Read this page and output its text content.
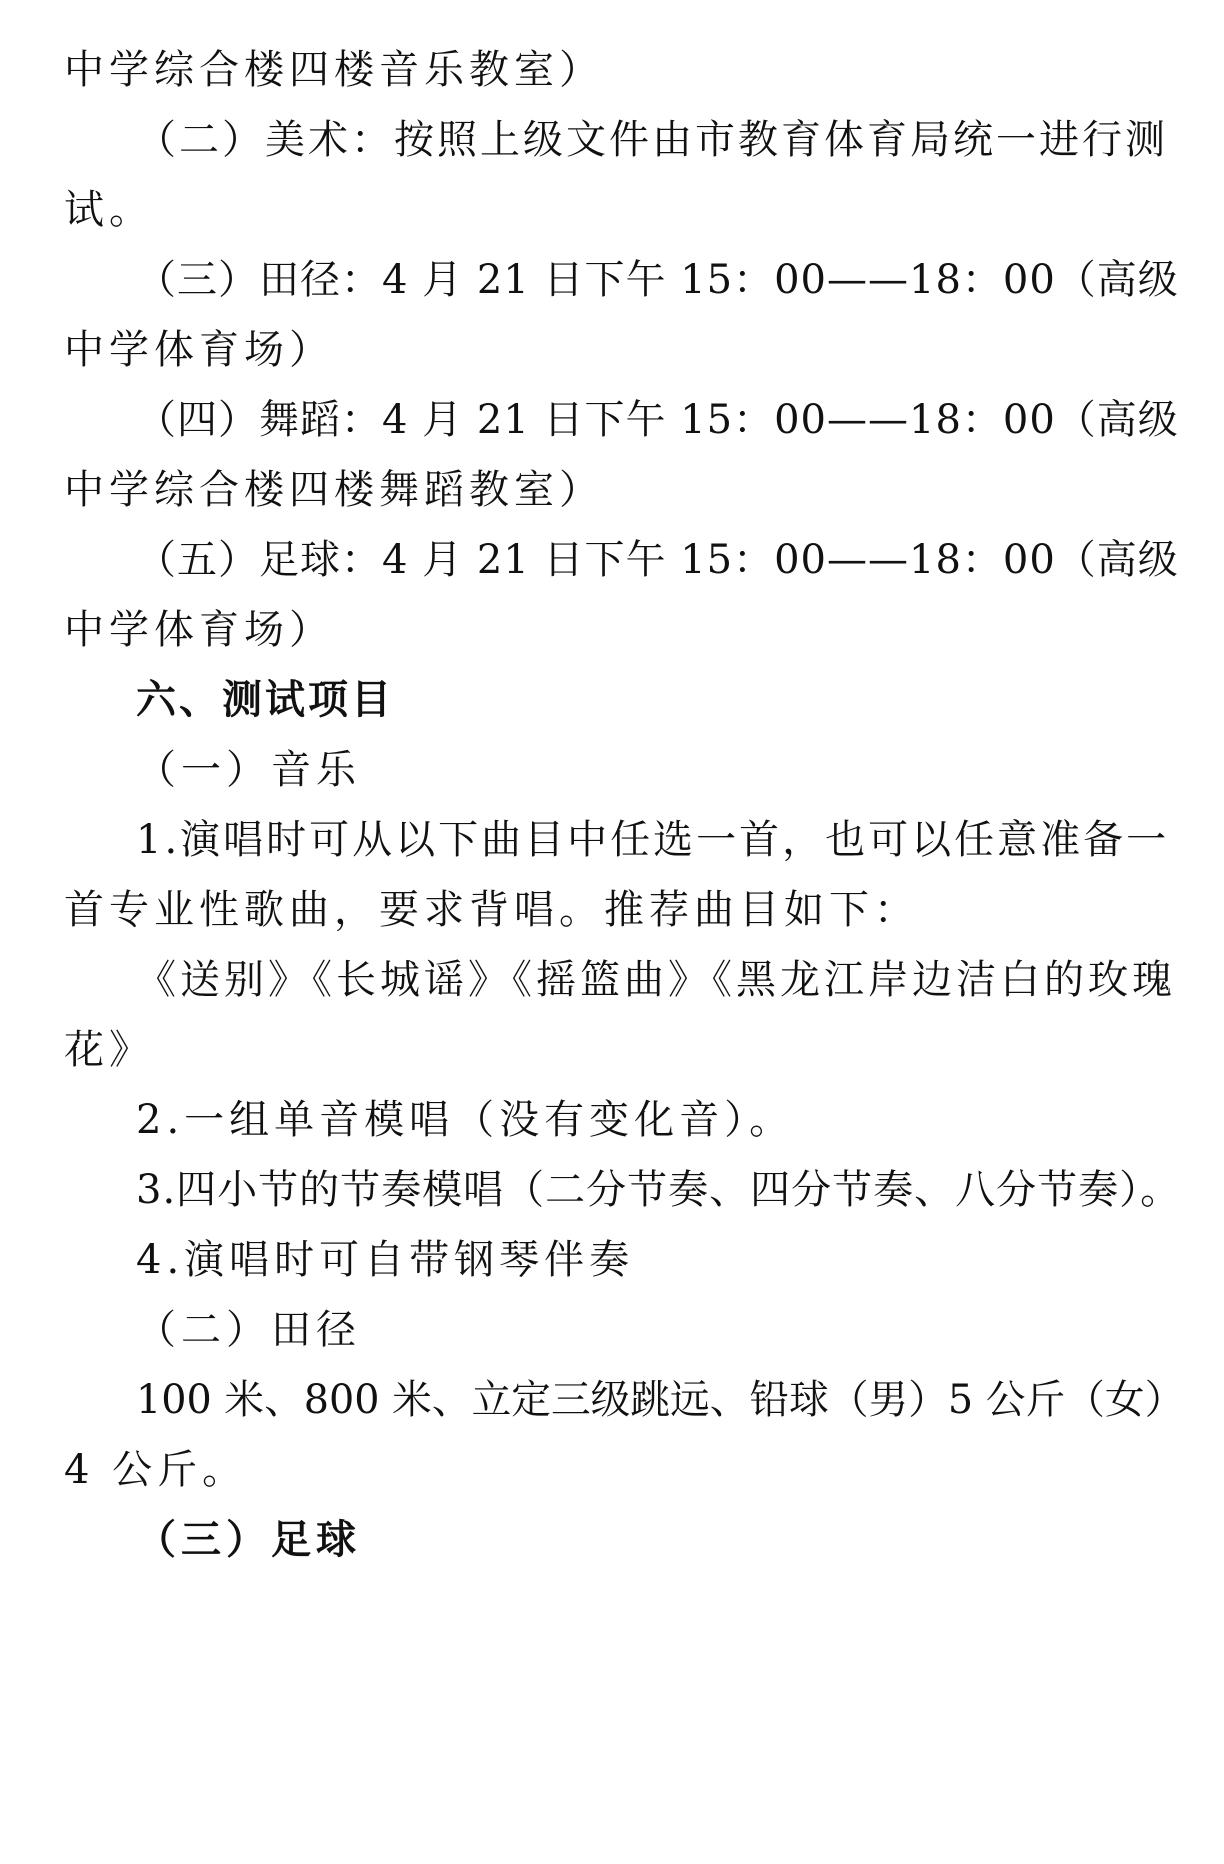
中学综合楼四楼音乐教室）
（二）美术：按照上级文件由市教育体育局统一进行测
试。
（三）田径：4 月 21 日下午 15：00——18：00（高级
中学体育场）
（四）舞蹈：4 月 21 日下午 15：00——18：00（高级
中学综合楼四楼舞蹈教室）
（五）足球：4 月 21 日下午 15：00——18：00（高级
中学体育场）
六、测试项目
（一）音乐
1.演唱时可从以下曲目中任选一首，也可以任意准备一
首专业性歌曲，要求背唱。推荐曲目如下：
《送别》《长城谣》《摇篮曲》《黑龙江岸边洁白的玫瑰
花》
2.一组单音模唱（没有变化音）。
3.四小节的节奏模唱（二分节奏、四分节奏、八分节奏）。
4.演唱时可自带钢琴伴奏
（二）田径
100 米、800 米、立定三级跳远、铅球（男）5 公斤（女）
4 公斤。
（三）足球
